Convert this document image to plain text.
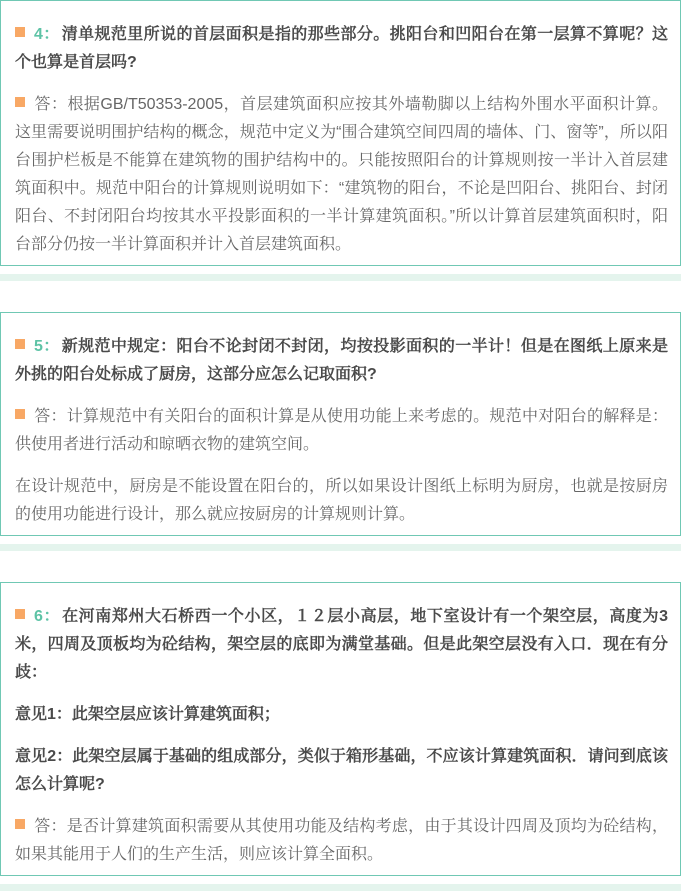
4： 清单规范里所说的首层面积是指的那些部分。挑阳台和凹阳台在第一层算不算呢？这个也算是首层吗?

答：根据GB/T50353-2005，首层建筑面积应按其外墙勒脚以上结构外围水平面积计算。这里需要说明围护结构的概念，规范中定义为“围合建筑空间四周的墙体、门、窗等”，所以阳台围护栏板是不能算在建筑物的围护结构中的。只能按照阳台的计算规则按一半计入首层建筑面积中。规范中阳台的计算规则说明如下：“建筑物的阳台，不论是凹阳台、挑阳台、封闭阳台、不封闭阳台均按其水平投影面积的一半计算建筑面积。”所以计算首层建筑面积时，阳台部分仍按一半计算面积并计入首层建筑面积。

5： 新规范中规定：阳台不论封闭不封闭，均按投影面积的一半计！但是在图纸上原来是外挑的阳台处标成了厨房，这部分应怎么记取面积?

答：计算规范中有关阳台的面积计算是从使用功能上来考虑的。规范中对阳台的解释是：供使用者进行活动和晾晒衣物的建筑空间。

在设计规范中，厨房是不能设置在阳台的，所以如果设计图纸上标明为厨房，也就是按厨房的使用功能进行设计，那么就应按厨房的计算规则计算。

6： 在河南郑州大石桥西一个小区，１２层小高层，地下室设计有一个架空层，高度为3米，四周及顶板均为砼结构，架空层的底即为满堂基础。但是此架空层没有入口．现在有分歧：

意见1：此架空层应该计算建筑面积；

意见2：此架空层属于基础的组成部分，类似于箱形基础，不应该计算建筑面积．请问到底该怎么计算呢?

答：是否计算建筑面积需要从其使用功能及结构考虑，由于其设计四周及顶均为砼结构，如果其能用于人们的生产生活，则应该计算全面积。
